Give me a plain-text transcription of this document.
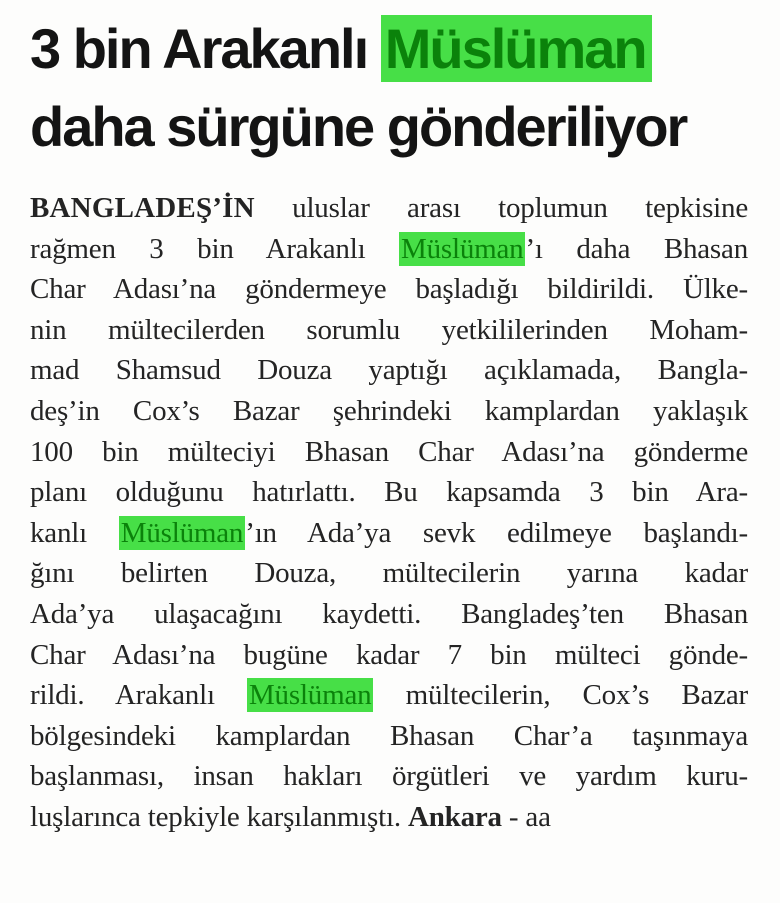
3 bin Arakanlı Müslüman
daha sürgüne gönderiliyor
BANGLADEŞ’İN uluslar arası toplumun tepkisine
rağmen 3 bin Arakanlı Müslüman’ı daha Bhasan
Char Adası’na göndermeye başladığı bildirildi. Ülke-
nin mültecilerden sorumlu yetkililerinden Moham-
mad Shamsud Douza yaptığı açıklamada, Bangla-
deş’in Cox’s Bazar şehrindeki kamplardan yaklaşık
100 bin mülteciyi Bhasan Char Adası’na gönderme
planı olduğunu hatırlattı. Bu kapsamda 3 bin Ara-
kanlı Müslüman’ın Ada’ya sevk edilmeye başlandı-
ğını belirten Douza, mültecilerin yarına kadar
Ada’ya ulaşacağını kaydetti. Bangladeş’ten Bhasan
Char Adası’na bugüne kadar 7 bin mülteci gönde-
rildi. Arakanlı Müslüman mültecilerin, Cox’s Bazar
bölgesindeki kamplardan Bhasan Char’a taşınmaya
başlanması, insan hakları örgütleri ve yardım kuru-
luşlarınca tepkiyle karşılanmıştı. Ankara - aa
